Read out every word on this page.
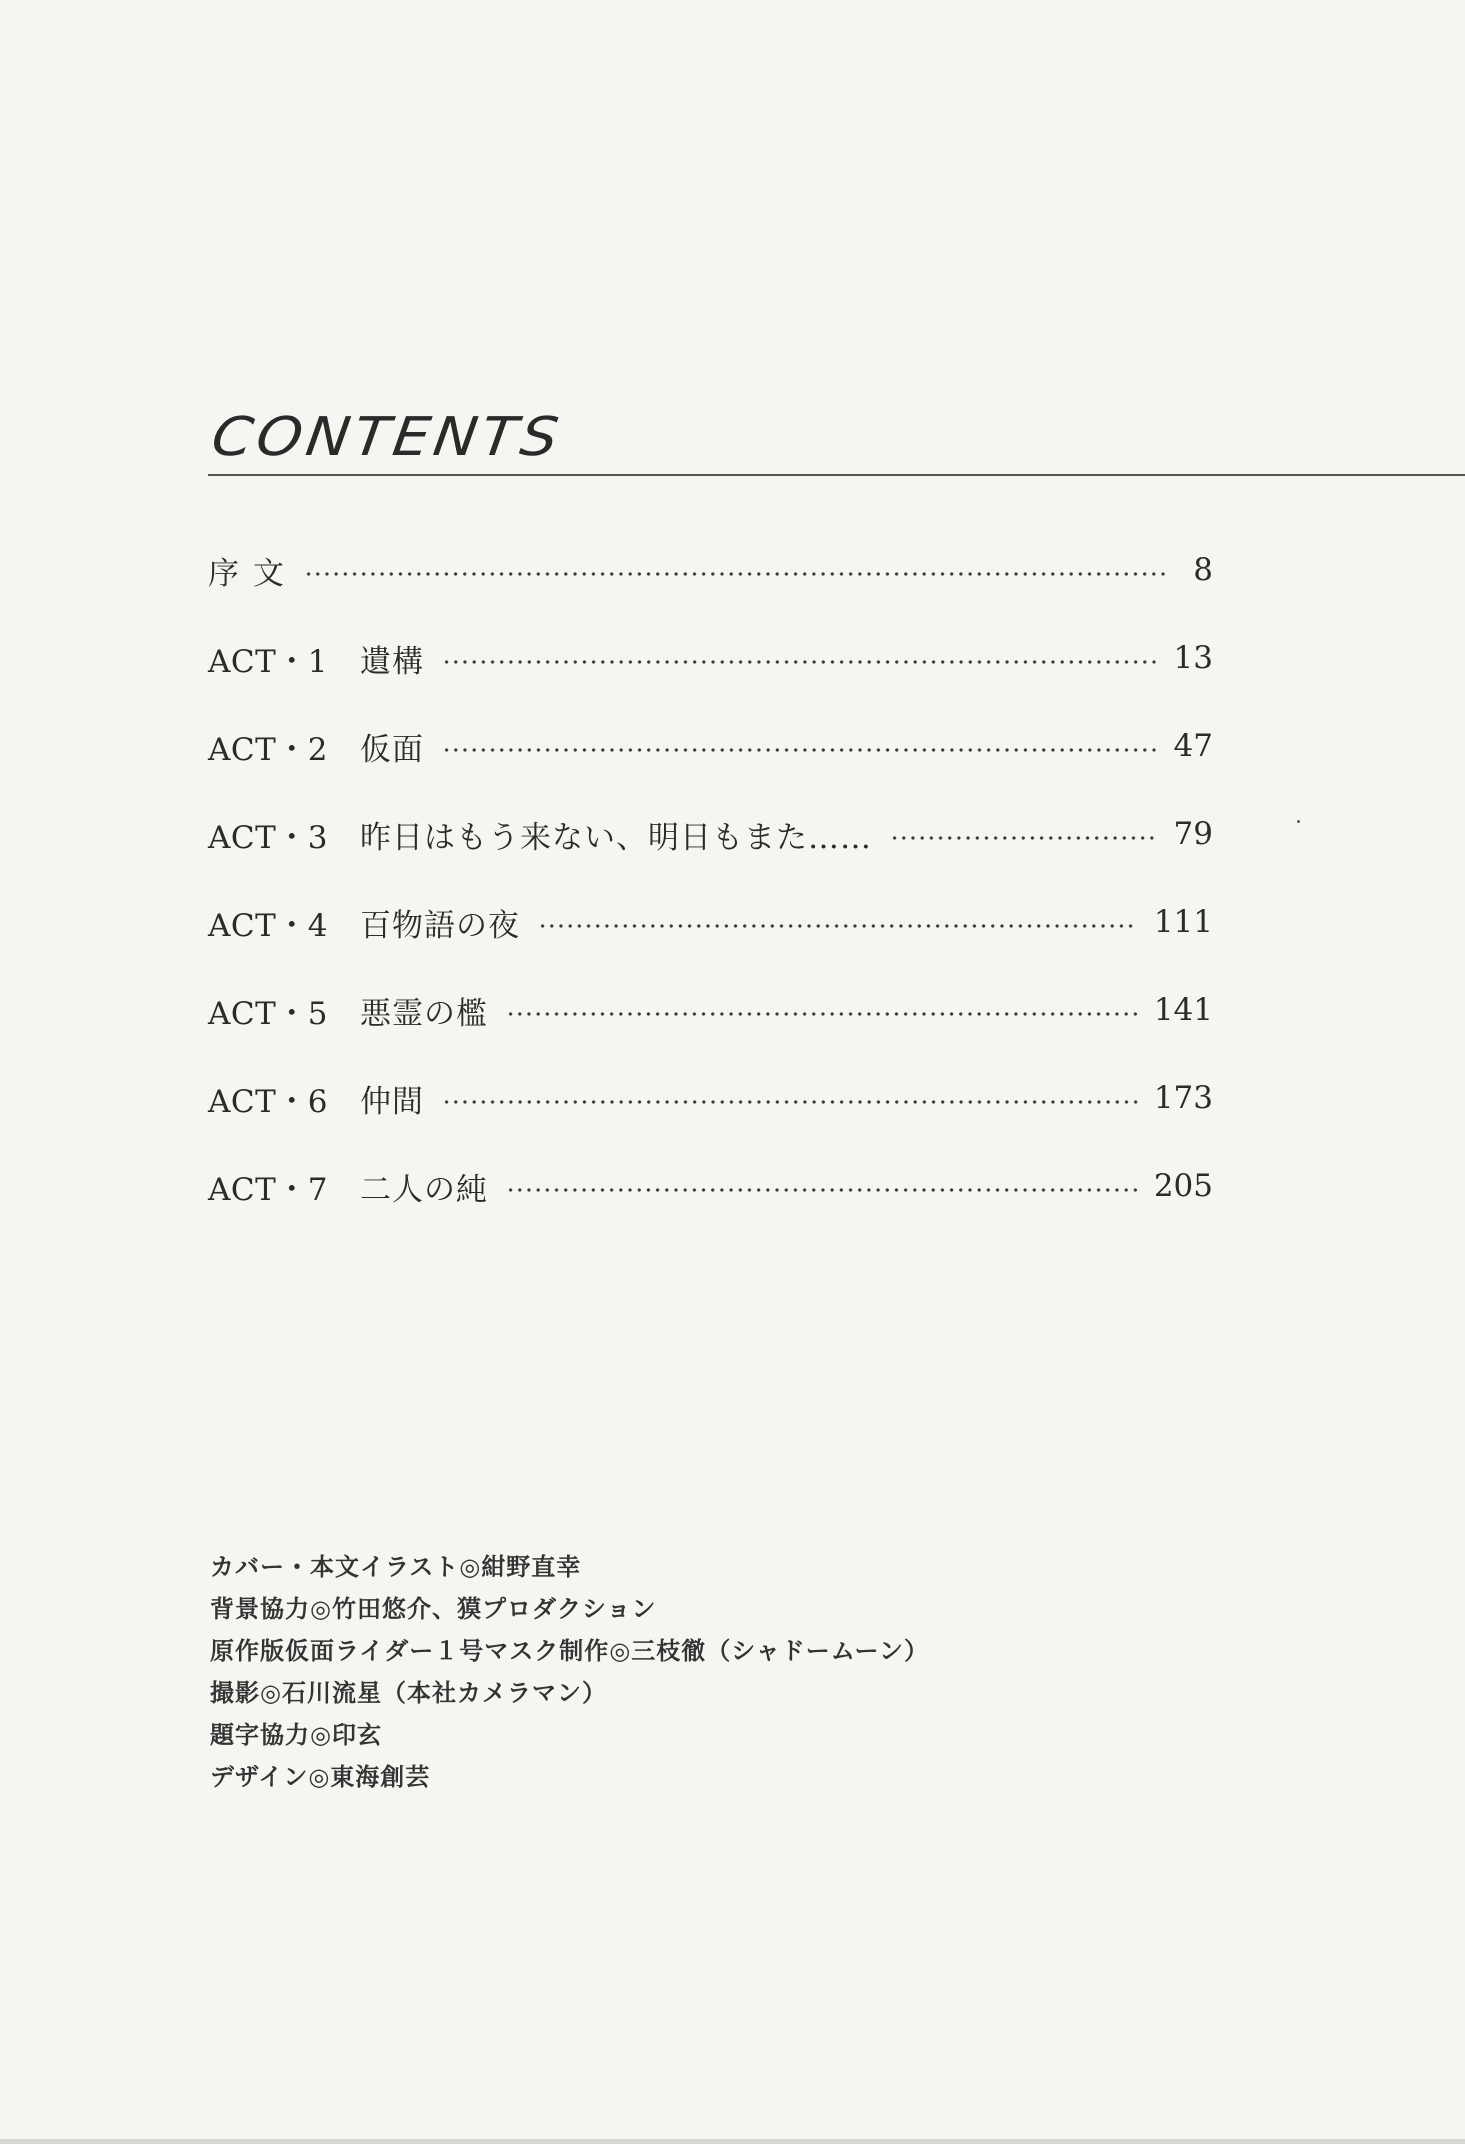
CONTENTS
序文	8
ACT・1	遺構	13
ACT・2	仮面	47
ACT・3	昨日はもう来ない、明日もまた……	79
ACT・4	百物語の夜	111
ACT・5	悪霊の檻	141
ACT・6	仲間	173
ACT・7	二人の純	205
カバー・本文イラスト◎紺野直幸
背景協力◎竹田悠介、獏プロダクション
原作版仮面ライダー１号マスク制作◎三枝徹（シャドームーン）
撮影◎石川流星（本社カメラマン）
題字協力◎印玄
デザイン◎東海創芸
